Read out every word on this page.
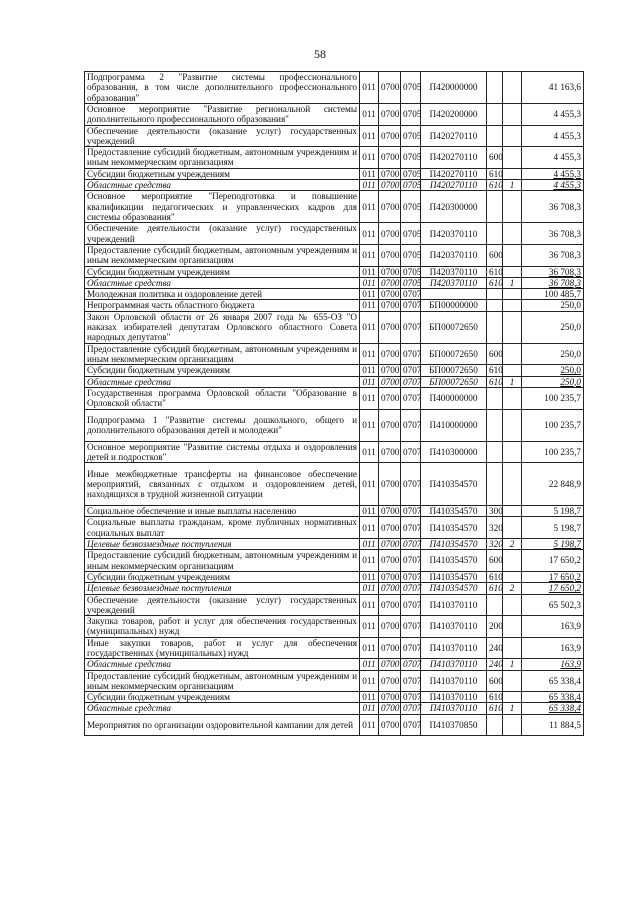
58
Подпрограмма 2 "Развитие системы профессионального образования, в том числе дополнительного профессионального образования"	011	0700	0705	П420000000			41 163,6
Основное мероприятие "Развитие региональной системы дополнительного профессионального образования"	011	0700	0705	П420200000			4 455,3
Обеспечение деятельности (оказание услуг) государственных учреждений	011	0700	0705	П420270110			4 455,3
Предоставление субсидий бюджетным, автономным учреждениям и иным некоммерческим организациям	011	0700	0705	П420270110	600		4 455,3
Субсидии бюджетным учреждениям	011	0700	0705	П420270110	610		4 455,3
Областные средства	011	0700	0705	П420270110	610	1	4 455,3
Основное мероприятие "Переподготовка и повышение квалификации педагогических и управленческих кадров для системы образования"	011	0700	0705	П420300000			36 708,3
Обеспечение деятельности (оказание услуг) государственных учреждений	011	0700	0705	П420370110			36 708,3
Предоставление субсидий бюджетным, автономным учреждениям и иным некоммерческим организациям	011	0700	0705	П420370110	600		36 708,3
Субсидии бюджетным учреждениям	011	0700	0705	П420370110	610		36 708,3
Областные средства	011	0700	0705	П420370110	610	1	36 708,3
Молодежная политика и оздоровление детей	011	0700	0707				100 485,7
Непрограммная часть областного бюджета	011	0700	0707	БП00000000			250,0
Закон Орловской области от 26 января 2007 года № 655-ОЗ "О наказах избирателей депутатам Орловского областного Совета народных депутатов"	011	0700	0707	БП00072650			250,0
Предоставление субсидий бюджетным, автономным учреждениям и иным некоммерческим организациям	011	0700	0707	БП00072650	600		250,0
Субсидии бюджетным учреждениям	011	0700	0707	БП00072650	610		250,0
Областные средства	011	0700	0707	БП00072650	610	1	250,0
Государственная программа Орловской области "Образование в Орловской области"	011	0700	0707	П400000000			100 235,7
Подпрограмма 1 "Развитие системы дошкольного, общего и дополнительного образования детей и молодежи"	011	0700	0707	П410000000			100 235,7
Основное мероприятие "Развитие системы отдыха и оздоровления детей и подростков"	011	0700	0707	П410300000			100 235,7
Иные межбюджетные трансферты на финансовое обеспечение мероприятий, связанных с отдыхом и оздоровлением детей, находящихся в трудной жизненной ситуации	011	0700	0707	П410354570			22 848,9
Социальное обеспечение и иные выплаты населению	011	0700	0707	П410354570	300		5 198,7
Социальные выплаты гражданам, кроме публичных нормативных социальных выплат	011	0700	0707	П410354570	320		5 198,7
Целевые безвозмездные поступления	011	0700	0707	П410354570	320	2	5 198,7
Предоставление субсидий бюджетным, автономным учреждениям и иным некоммерческим организациям	011	0700	0707	П410354570	600		17 650,2
Субсидии бюджетным учреждениям	011	0700	0707	П410354570	610		17 650,2
Целевые безвозмездные поступления	011	0700	0707	П410354570	610	2	17 650,2
Обеспечение деятельности (оказание услуг) государственных учреждений	011	0700	0707	П410370110			65 502,3
Закупка товаров, работ и услуг для обеспечения государственных (муниципальных) нужд	011	0700	0707	П410370110	200		163,9
Иные закупки товаров, работ и услуг для обеспечения государственных (муниципальных) нужд	011	0700	0707	П410370110	240		163,9
Областные средства	011	0700	0707	П410370110	240	1	163,9
Предоставление субсидий бюджетным, автономным учреждениям и иным некоммерческим организациям	011	0700	0707	П410370110	600		65 338,4
Субсидии бюджетным учреждениям	011	0700	0707	П410370110	610		65 338,4
Областные средства	011	0700	0707	П410370110	610	1	65 338,4
Мероприятия по организации оздоровительной кампании для детей	011	0700	0707	П410370850			11 884,5
